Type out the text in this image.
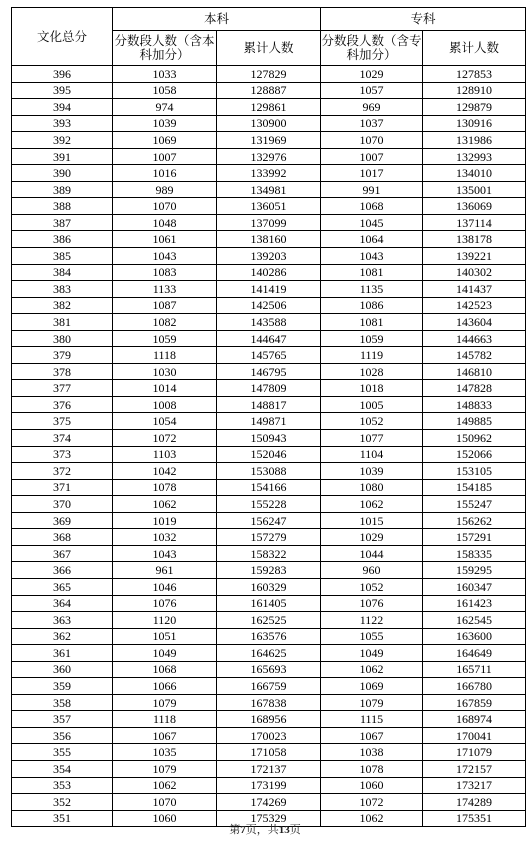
文化总分	本科		专科	
	分数段人数（含本科加分）	累计人数	分数段人数（含专科加分）	累计人数
396	1033	127829	1029	127853
395	1058	128887	1057	128910
394	974	129861	969	129879
393	1039	130900	1037	130916
392	1069	131969	1070	131986
391	1007	132976	1007	132993
390	1016	133992	1017	134010
389	989	134981	991	135001
388	1070	136051	1068	136069
387	1048	137099	1045	137114
386	1061	138160	1064	138178
385	1043	139203	1043	139221
384	1083	140286	1081	140302
383	1133	141419	1135	141437
382	1087	142506	1086	142523
381	1082	143588	1081	143604
380	1059	144647	1059	144663
379	1118	145765	1119	145782
378	1030	146795	1028	146810
377	1014	147809	1018	147828
376	1008	148817	1005	148833
375	1054	149871	1052	149885
374	1072	150943	1077	150962
373	1103	152046	1104	152066
372	1042	153088	1039	153105
371	1078	154166	1080	154185
370	1062	155228	1062	155247
369	1019	156247	1015	156262
368	1032	157279	1029	157291
367	1043	158322	1044	158335
366	961	159283	960	159295
365	1046	160329	1052	160347
364	1076	161405	1076	161423
363	1120	162525	1122	162545
362	1051	163576	1055	163600
361	1049	164625	1049	164649
360	1068	165693	1062	165711
359	1066	166759	1069	166780
358	1079	167838	1079	167859
357	1118	168956	1115	168974
356	1067	170023	1067	170041
355	1035	171058	1038	171079
354	1079	172137	1078	172157
353	1062	173199	1060	173217
352	1070	174269	1072	174289
351	1060	175329	1062	175351
第7页，共13页
